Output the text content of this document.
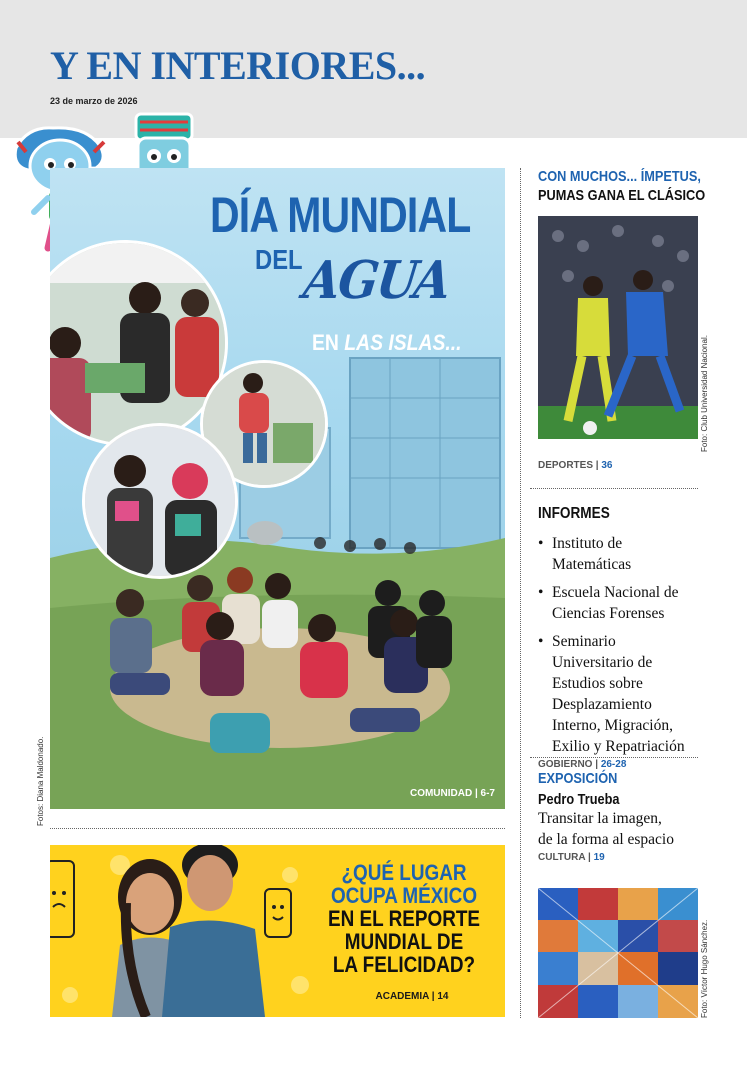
Y EN INTERIORES...
23 de marzo de 2026
DÍA MUNDIAL
DEL
AGUA
EN LAS ISLAS...
COMUNIDAD | 6-7
Fotos: Diana Maldonado.
¿QUÉ LUGAR
OCUPA MÉXICO
EN EL REPORTE
MUNDIAL DE
LA FELICIDAD?
ACADEMIA | 14
CON MUCHOS... ÍMPETUS,
PUMAS GANA EL CLÁSICO
Foto: Club Universidad Nacional.
DEPORTES | 36
INFORMES
• Instituto de Matemáticas
• Escuela Nacional de Ciencias Forenses
• Seminario Universitario de Estudios sobre Desplazamiento Interno, Migración, Exilio y Repatriación
GOBIERNO | 26-28
EXPOSICIÓN
Pedro Trueba
Transitar la imagen,
de la forma al espacio
CULTURA | 19
Foto: Víctor Hugo Sánchez.
